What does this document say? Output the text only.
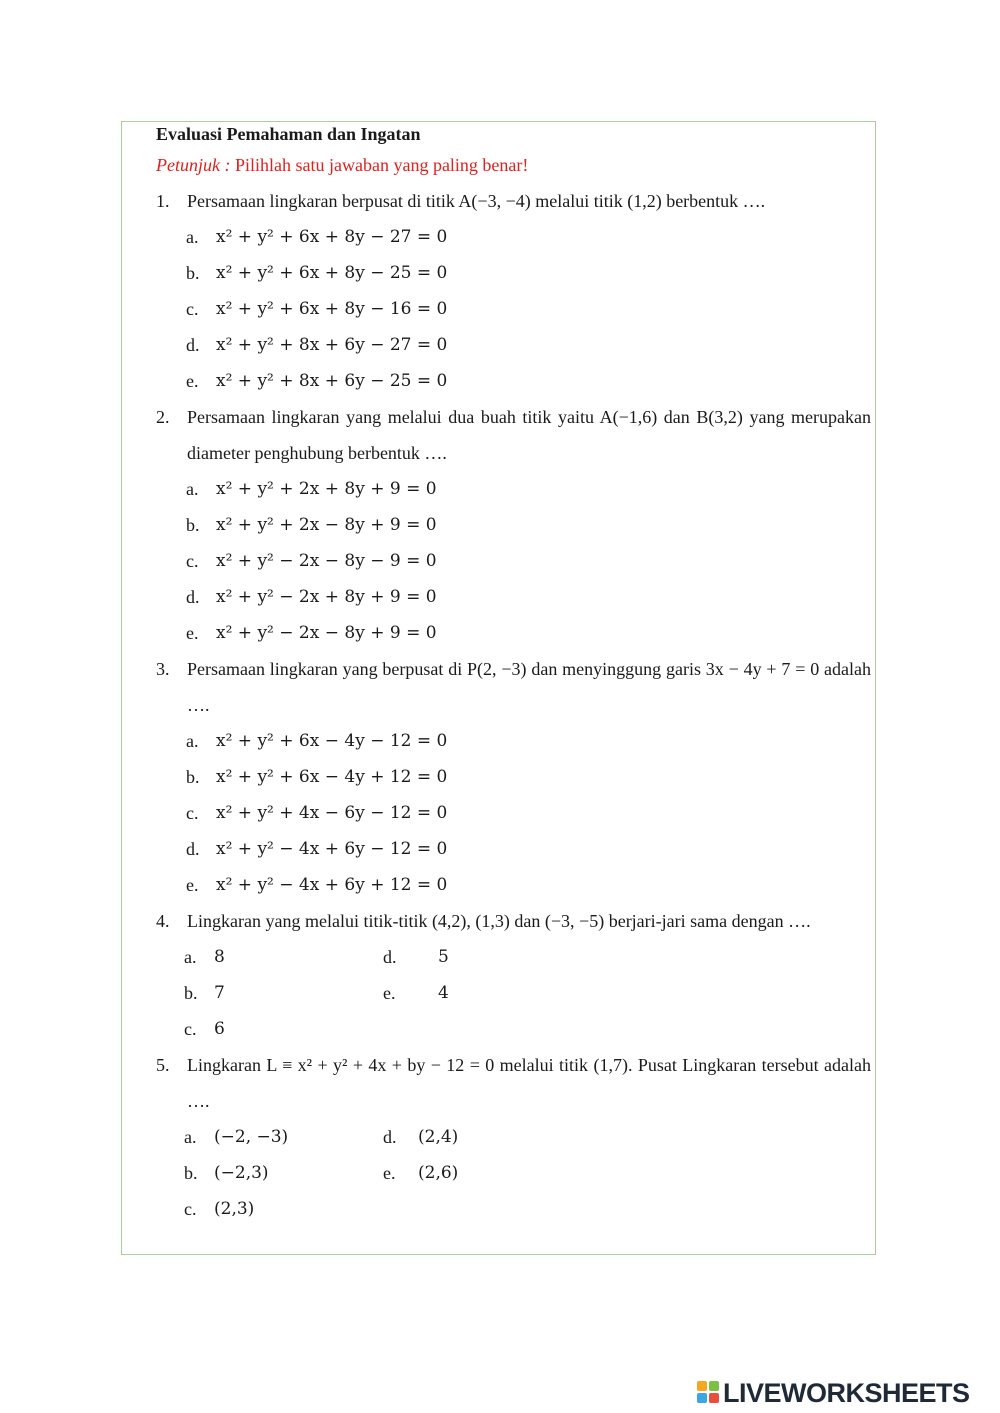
Evaluasi Pemahaman dan Ingatan
Petunjuk : Pilihlah satu jawaban yang paling benar!
1. Persamaan lingkaran berpusat di titik A(−3, −4) melalui titik (1,2) berbentuk ….
a. x² + y² + 6x + 8y − 27 = 0
b. x² + y² + 6x + 8y − 25 = 0
c. x² + y² + 6x + 8y − 16 = 0
d. x² + y² + 8x + 6y − 27 = 0
e. x² + y² + 8x + 6y − 25 = 0
2. Persamaan lingkaran yang melalui dua buah titik yaitu A(−1,6) dan B(3,2) yang merupakan diameter penghubung berbentuk ….
a. x² + y² + 2x + 8y + 9 = 0
b. x² + y² + 2x − 8y + 9 = 0
c. x² + y² − 2x − 8y − 9 = 0
d. x² + y² − 2x + 8y + 9 = 0
e. x² + y² − 2x − 8y + 9 = 0
3. Persamaan lingkaran yang berpusat di P(2, −3) dan menyinggung garis 3x − 4y + 7 = 0 adalah ….
a. x² + y² + 6x − 4y − 12 = 0
b. x² + y² + 6x − 4y + 12 = 0
c. x² + y² + 4x − 6y − 12 = 0
d. x² + y² − 4x + 6y − 12 = 0
e. x² + y² − 4x + 6y + 12 = 0
4. Lingkaran yang melalui titik-titik (4,2), (1,3) dan (−3, −5) berjari-jari sama dengan ….
a. 8	d. 5
b. 7	e.	4
c. 6
5. Lingkaran L ≡ x² + y² + 4x + by − 12 = 0 melalui titik (1,7). Pusat Lingkaran tersebut adalah ….
a. (−2, −3)	d. (2,4)
b. (−2,3)	e. (2,6)
c. (2,3)
LIVEWORKSHEETS
